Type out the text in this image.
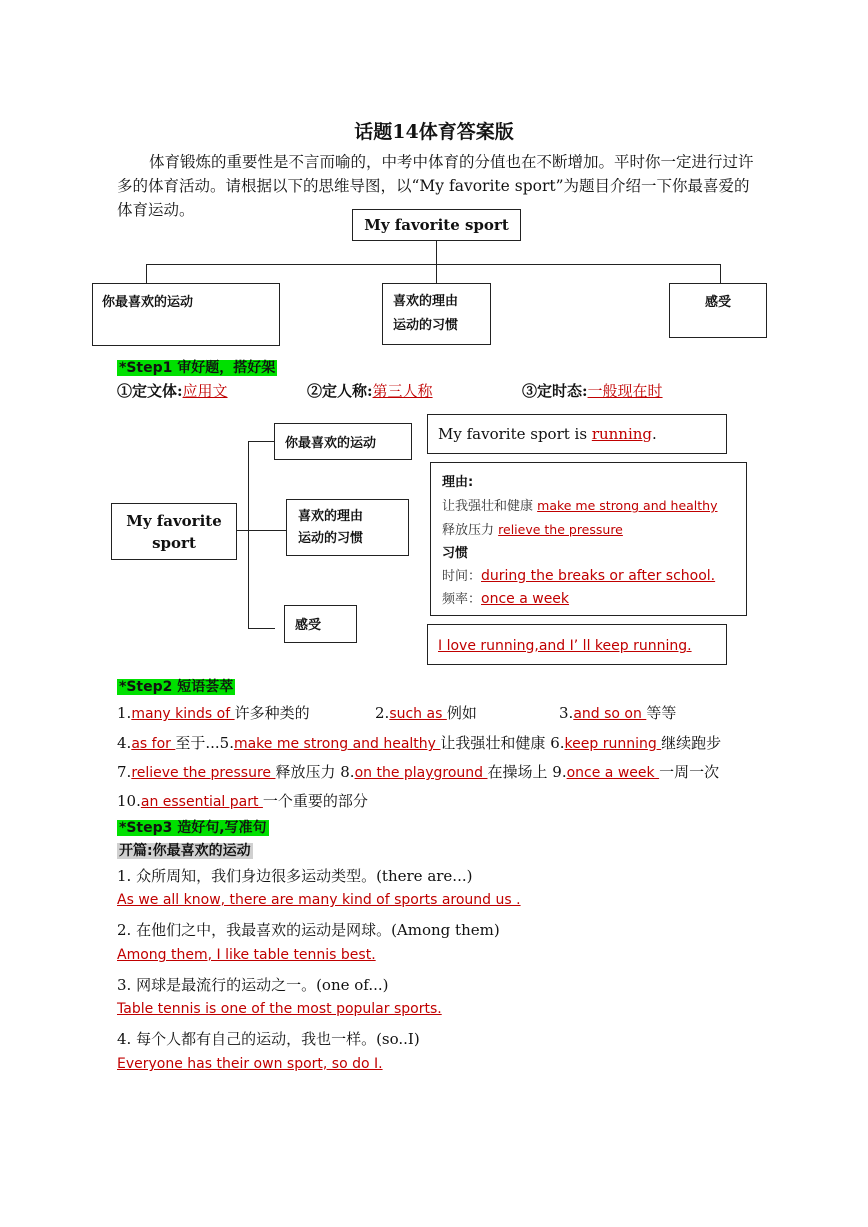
话题14体育答案版
体育锻炼的重要性是不言而喻的，中考中体育的分值也在不断增加。平时你一定进行过许多的体育活动。请根据以下的思维导图，以“My favorite sport”为题目介绍一下你最喜爱的体育运动。
My favorite sport
你最喜欢的运动	喜欢的理由
运动的习惯
感受
*Step1 审好题，搭好架
①定文体:应用文	②定人称:第三人称	③定时态:一般现在时
My favorite sport
你最喜欢的运动
喜欢的理由
运动的习惯
感受
My favorite sport is running.
理由:
让我强壮和健康 make me strong and healthy
释放压力 relieve the pressure
习惯
时间：during the breaks or after school.
频率：once a week
I love running,and I’ ll keep running.
*Step2 短语荟萃
1.many kinds of 许多种类的	2.such as 例如	3.and so on 等等
4.as for 至于...5.make me strong and healthy 让我强壮和健康 6.keep running 继续跑步
7.relieve the pressure 释放压力 8.on the playground 在操场上 9.once a week 一周一次
10.an essential part 一个重要的部分
*Step3 造好句,写准句
开篇:你最喜欢的运动
1. 众所周知，我们身边很多运动类型。(there are...)
As we all know, there are many kind of sports around us .
2. 在他们之中，我最喜欢的运动是网球。(Among them)
Among them, I like table tennis best.
3. 网球是最流行的运动之一。(one of...)
Table tennis is one of the most popular sports.
4. 每个人都有自己的运动，我也一样。(so..I)
Everyone has their own sport, so do I.
